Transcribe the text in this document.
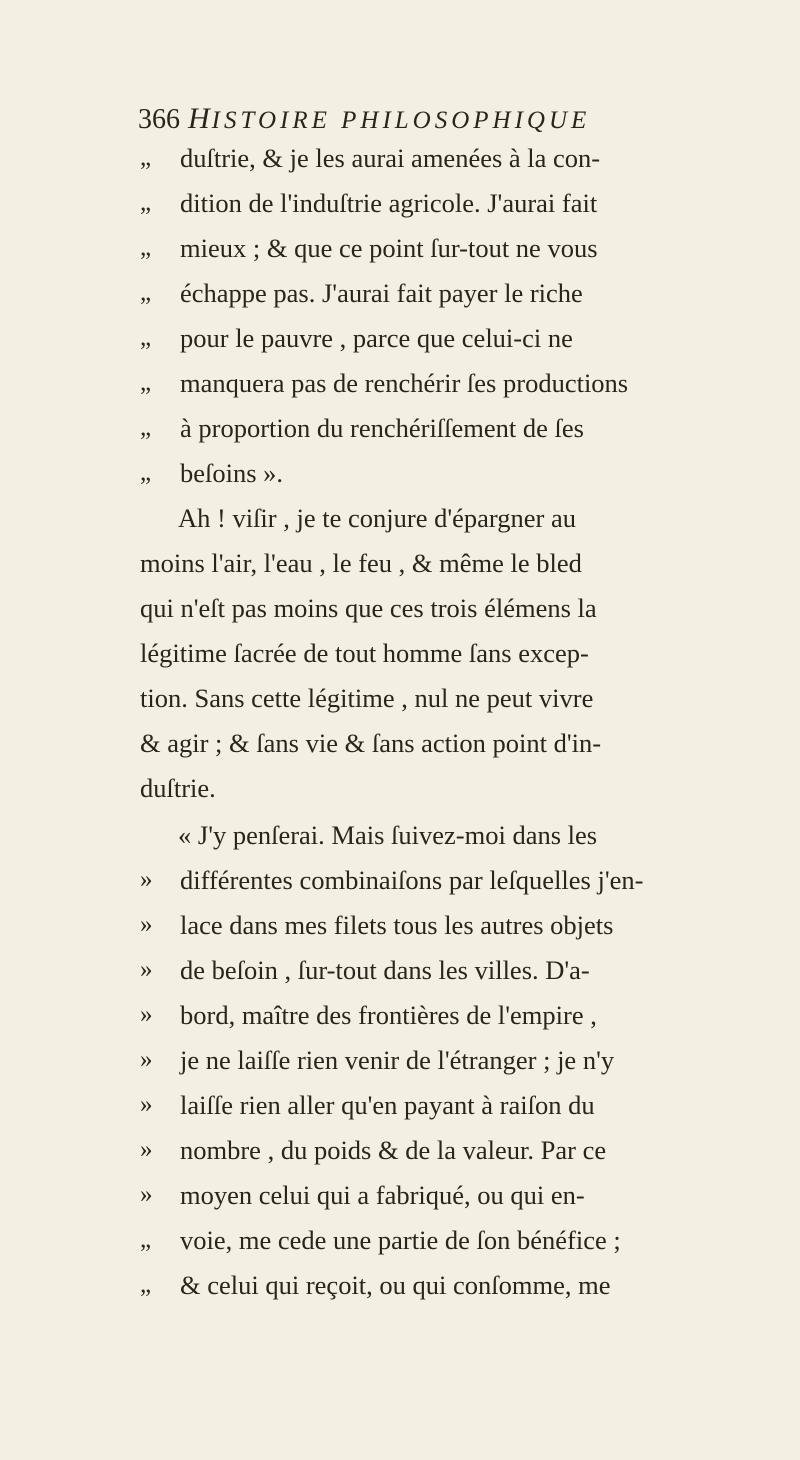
366 HISTOIRE PHILOSOPHIQUE
„	duſtrie, & je les aurai amenées à la con-
„	dition de l'induſtrie agricole. J'aurai fait
„	mieux ; & que ce point ſur-tout ne vous
„	échappe pas. J'aurai fait payer le riche
„	pour le pauvre , parce que celui-ci ne
„	manquera pas de renchérir ſes productions
„	à proportion du renchériſſement de ſes
„	beſoins ».
Ah ! viſir , je te conjure d'épargner au
moins l'air, l'eau , le feu , & même le bled
qui n'eſt pas moins que ces trois élémens la
légitime ſacrée de tout homme ſans excep-
tion. Sans cette légitime , nul ne peut vivre
& agir ; & ſans vie & ſans action point d'in-
duſtrie.
« J'y penſerai. Mais ſuivez-moi dans les
»	différentes combinaiſons par leſquelles j'en-
»	lace dans mes filets tous les autres objets
»	de beſoin , ſur-tout dans les villes. D'a-
»	bord, maître des frontières de l'empire ,
»	je ne laiſſe rien venir de l'étranger ; je n'y
»	laiſſe rien aller qu'en payant à raiſon du
»	nombre , du poids & de la valeur. Par ce
»	moyen celui qui a fabriqué, ou qui en-
„	voie, me cede une partie de ſon bénéfice ;
„	& celui qui reçoit, ou qui conſomme, me
